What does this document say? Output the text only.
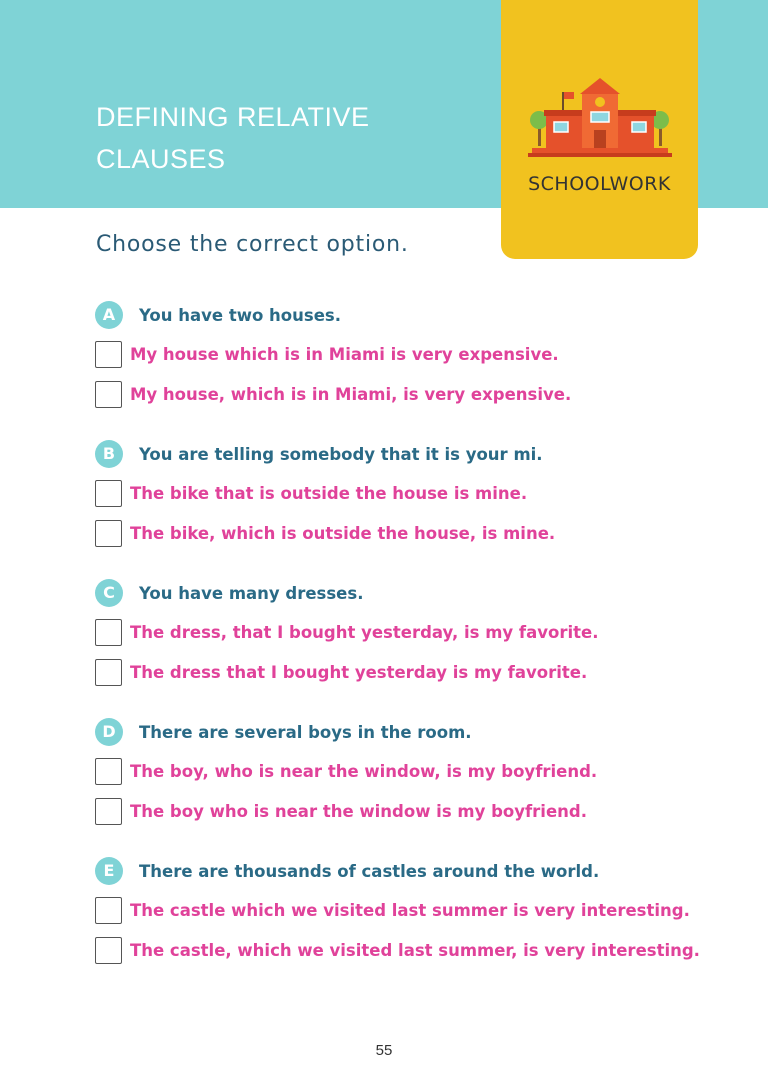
DEFINING RELATIVE
CLAUSES
SCHOOLWORK
Choose the correct option.
A	You have two houses.
My house which is in Miami is very expensive.
My house, which is in Miami, is very expensive.
B	You are telling somebody that it is your mi.
The bike that is outside the house is mine.
The bike, which is outside the house, is mine.
C	You have many dresses.
The dress, that I bought yesterday, is my favorite.
The dress that I bought yesterday is my favorite.
D	There are several boys in the room.
The boy, who is near the window, is my boyfriend.
The boy who is near the window is my boyfriend.
E	There are thousands of castles around the world.
The castle which we visited last summer is very interesting.
The castle, which we visited last summer, is very interesting.
55
